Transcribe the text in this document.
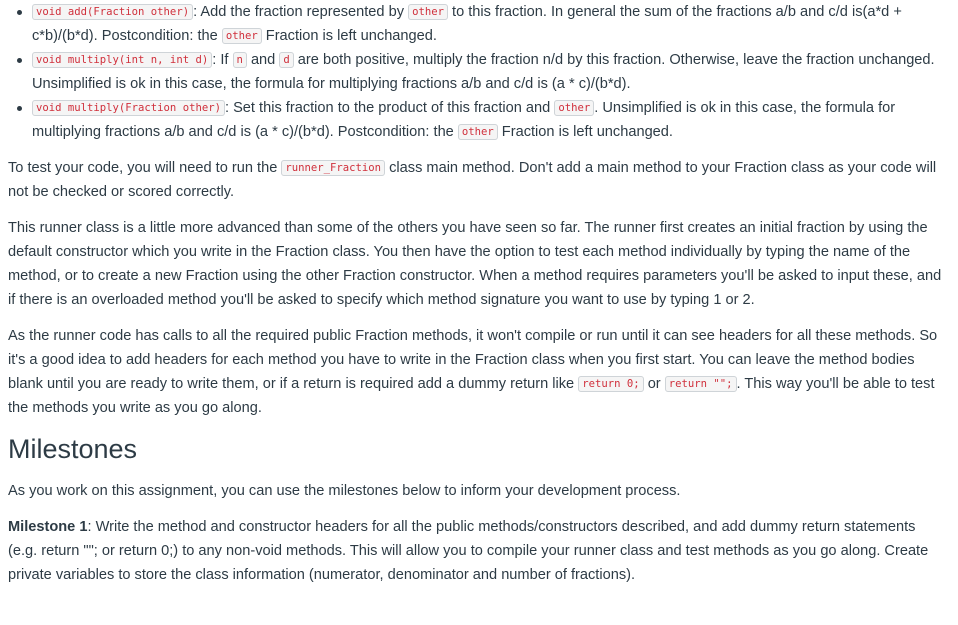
void add(Fraction other) : Add the fraction represented by other to this fraction. In general the sum of the fractions a/b and c/d is(a*d + c*b)/(b*d). Postcondition: the other Fraction is left unchanged.
void multiply(int n, int d) : If n and d are both positive, multiply the fraction n/d by this fraction. Otherwise, leave the fraction unchanged. Unsimplified is ok in this case, the formula for multiplying fractions a/b and c/d is (a * c)/(b*d).
void multiply(Fraction other) : Set this fraction to the product of this fraction and other . Unsimplified is ok in this case, the formula for multiplying fractions a/b and c/d is (a * c)/(b*d). Postcondition: the other Fraction is left unchanged.

To test your code, you will need to run the runner_Fraction class main method. Don't add a main method to your Fraction class as your code will not be checked or scored correctly.

This runner class is a little more advanced than some of the others you have seen so far. The runner first creates an initial fraction by using the default constructor which you write in the Fraction class. You then have the option to test each method individually by typing the name of the method, or to create a new Fraction using the other Fraction constructor. When a method requires parameters you'll be asked to input these, and if there is an overloaded method you'll be asked to specify which method signature you want to use by typing 1 or 2.

As the runner code has calls to all the required public Fraction methods, it won't compile or run until it can see headers for all these methods. So it's a good idea to add headers for each method you have to write in the Fraction class when you first start. You can leave the method bodies blank until you are ready to write them, or if a return is required add a dummy return like return 0; or return ""; . This way you'll be able to test the methods you write as you go along.

Milestones

As you work on this assignment, you can use the milestones below to inform your development process.

Milestone 1: Write the method and constructor headers for all the public methods/constructors described, and add dummy return statements (e.g. return ""; or return 0;) to any non-void methods. This will allow you to compile your runner class and test methods as you go along. Create private variables to store the class information (numerator, denominator and number of fractions).
